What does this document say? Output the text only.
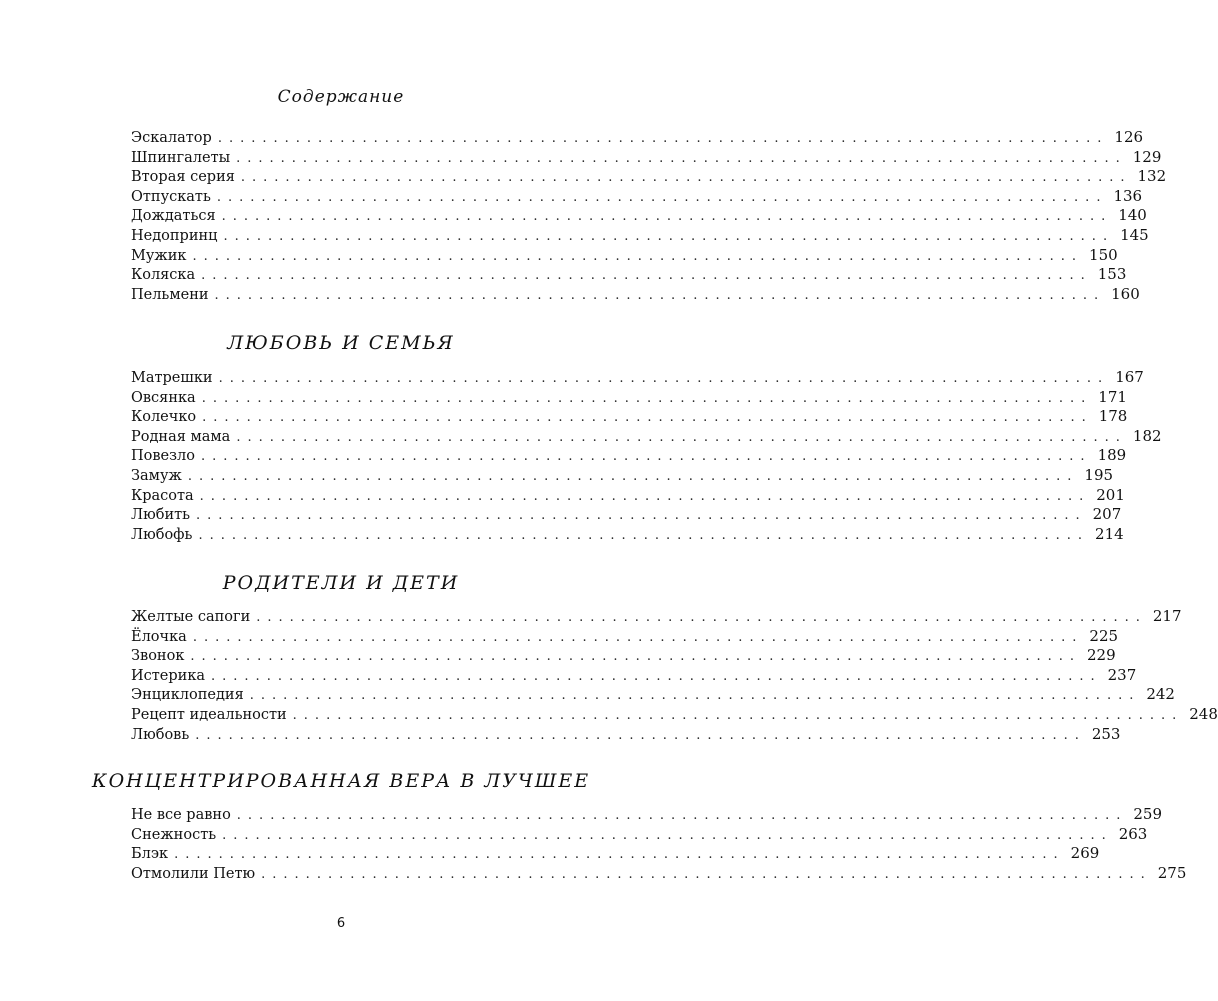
Содержание
Эскалатор ................................................................................ 126
Шпингалеты ................................................................................ 129
Вторая серия ................................................................................ 132
Отпускать ................................................................................ 136
Дождаться ................................................................................ 140
Недопринц ................................................................................ 145
Мужик ................................................................................ 150
Коляска ................................................................................ 153
Пельмени ................................................................................ 160
ЛЮБОВЬ И СЕМЬЯ
Матрешки ................................................................................ 167
Овсянка ................................................................................ 171
Колечко ................................................................................ 178
Родная мама ................................................................................ 182
Повезло ................................................................................ 189
Замуж ................................................................................ 195
Красота ................................................................................ 201
Любить ................................................................................ 207
Любофь ................................................................................ 214
РОДИТЕЛИ И ДЕТИ
Желтые сапоги ................................................................................ 217
Ёлочка ................................................................................ 225
Звонок ................................................................................ 229
Истерика ................................................................................ 237
Энциклопедия ................................................................................ 242
Рецепт идеальности ................................................................................ 248
Любовь ................................................................................ 253
КОНЦЕНТРИРОВАННАЯ ВЕРА В ЛУЧШЕЕ
Не все равно ................................................................................ 259
Снежность ................................................................................ 263
Блэк ................................................................................ 269
Отмолили Петю ................................................................................ 275
6
